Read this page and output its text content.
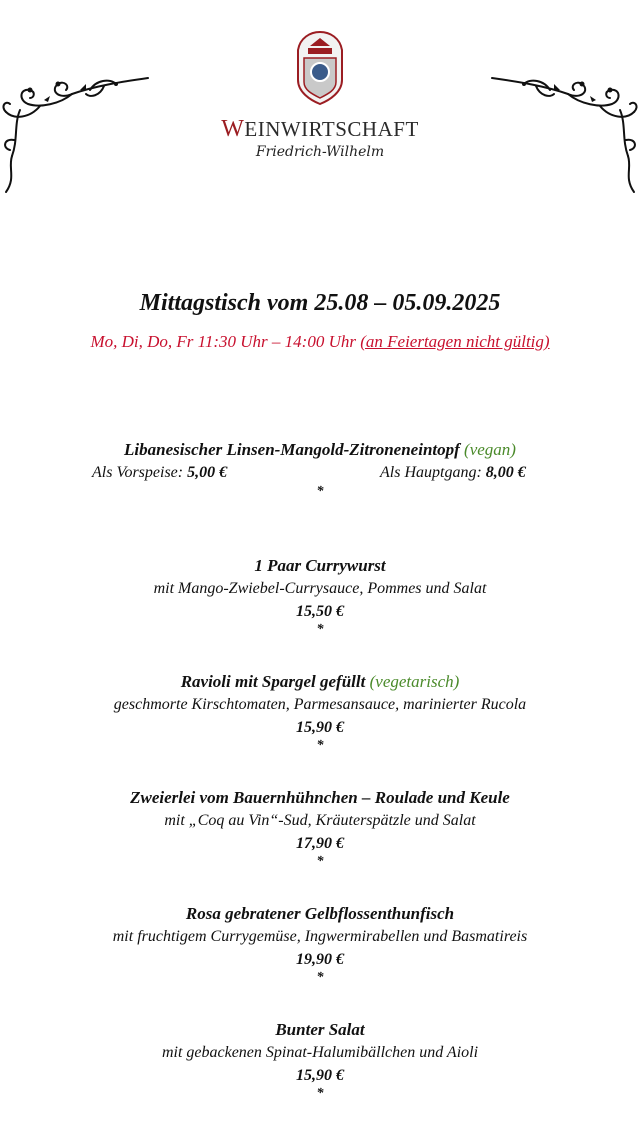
WEINWIRTSCHAFT
Friedrich-Wilhelm
Mittagstisch vom 25.08 – 05.09.2025
Mo, Di, Do, Fr 11:30 Uhr – 14:00 Uhr (an Feiertagen nicht gültig)
Libanesischer Linsen-Mangold-Zitroneneintopf (vegan)
Als Vorspeise: 5,00 €	Als Hauptgang: 8,00 €
*
1 Paar Currywurst
mit Mango-Zwiebel-Currysauce, Pommes und Salat
15,50 €
*
Ravioli mit Spargel gefüllt (vegetarisch)
geschmorte Kirschtomaten, Parmesansauce, marinierter Rucola
15,90 €
*
Zweierlei vom Bauernhühnchen – Roulade und Keule
mit „Coq au Vin“-Sud, Kräuterspätzle und Salat
17,90 €
*
Rosa gebratener Gelbflossenthunfisch
mit fruchtigem Currygemüse, Ingwermirabellen und Basmatireis
19,90 €
*
Bunter Salat
mit gebackenen Spinat-Halumibällchen und Aioli
15,90 €
*
